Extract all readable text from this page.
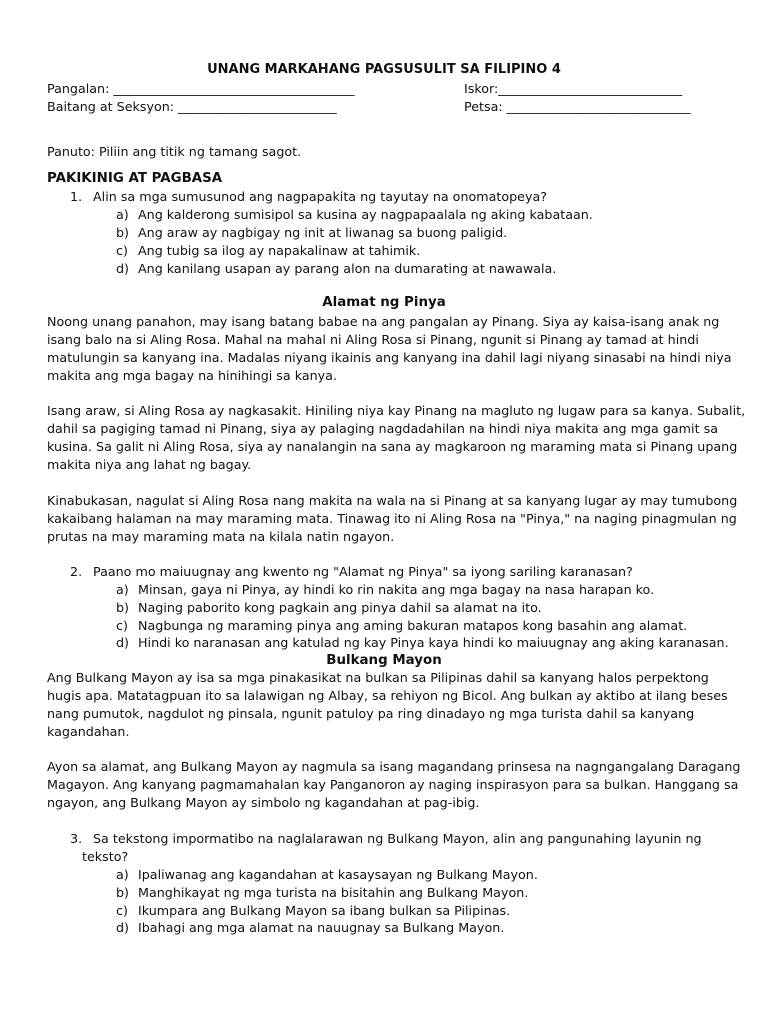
UNANG MARKAHANG PAGSUSULIT SA FILIPINO 4
Pangalan: ______________________________________	Iskor:_____________________________
Baitang at Seksyon: _________________________	Petsa: _____________________________
Panuto: Piliin ang titik ng tamang sagot.
PAKIKINIG AT PAGBASA
1. Alin sa mga sumusunod ang nagpapakita ng tayutay na onomatopeya?
a) Ang kalderong sumisipol sa kusina ay nagpapaalala ng aking kabataan.
b) Ang araw ay nagbigay ng init at liwanag sa buong paligid.
c) Ang tubig sa ilog ay napakalinaw at tahimik.
d) Ang kanilang usapan ay parang alon na dumarating at nawawala.
Alamat ng Pinya

Noong unang panahon, may isang batang babae na ang pangalan ay Pinang. Siya ay kaisa-isang anak ng

isang balo na si Aling Rosa. Mahal na mahal ni Aling Rosa si Pinang, ngunit si Pinang ay tamad at hindi

matulungin sa kanyang ina. Madalas niyang ikainis ang kanyang ina dahil lagi niyang sinasabi na hindi niya

makita ang mga bagay na hinihingi sa kanya.

Isang araw, si Aling Rosa ay nagkasakit. Hiniling niya kay Pinang na magluto ng lugaw para sa kanya. Subalit,

dahil sa pagiging tamad ni Pinang, siya ay palaging nagdadahilan na hindi niya makita ang mga gamit sa

kusina. Sa galit ni Aling Rosa, siya ay nanalangin na sana ay magkaroon ng maraming mata si Pinang upang

makita niya ang lahat ng bagay.

Kinabukasan, nagulat si Aling Rosa nang makita na wala na si Pinang at sa kanyang lugar ay may tumubong

kakaibang halaman na may maraming mata. Tinawag ito ni Aling Rosa na "Pinya," na naging pinagmulan ng

prutas na may maraming mata na kilala natin ngayon.

2. Paano mo maiuugnay ang kwento ng "Alamat ng Pinya" sa iyong sariling karanasan?
a) Minsan, gaya ni Pinya, ay hindi ko rin nakita ang mga bagay na nasa harapan ko.
b) Naging paborito kong pagkain ang pinya dahil sa alamat na ito.
c) Nagbunga ng maraming pinya ang aming bakuran matapos kong basahin ang alamat.
d) Hindi ko naranasan ang katulad ng kay Pinya kaya hindi ko maiuugnay ang aking karanasan.
Bulkang Mayon

Ang Bulkang Mayon ay isa sa mga pinakasikat na bulkan sa Pilipinas dahil sa kanyang halos perpektong

hugis apa. Matatagpuan ito sa lalawigan ng Albay, sa rehiyon ng Bicol. Ang bulkan ay aktibo at ilang beses

nang pumutok, nagdulot ng pinsala, ngunit patuloy pa ring dinadayo ng mga turista dahil sa kanyang

kagandahan.

Ayon sa alamat, ang Bulkang Mayon ay nagmula sa isang magandang prinsesa na nagngangalang Daragang

Magayon. Ang kanyang pagmamahalan kay Panganoron ay naging inspirasyon para sa bulkan. Hanggang sa

ngayon, ang Bulkang Mayon ay simbolo ng kagandahan at pag-ibig.

3. Sa tekstong impormatibo na naglalarawan ng Bulkang Mayon, alin ang pangunahing layunin ng
teksto?
a) Ipaliwanag ang kagandahan at kasaysayan ng Bulkang Mayon.
b) Manghikayat ng mga turista na bisitahin ang Bulkang Mayon.
c) Ikumpara ang Bulkang Mayon sa ibang bulkan sa Pilipinas.
d) Ibahagi ang mga alamat na nauugnay sa Bulkang Mayon.
